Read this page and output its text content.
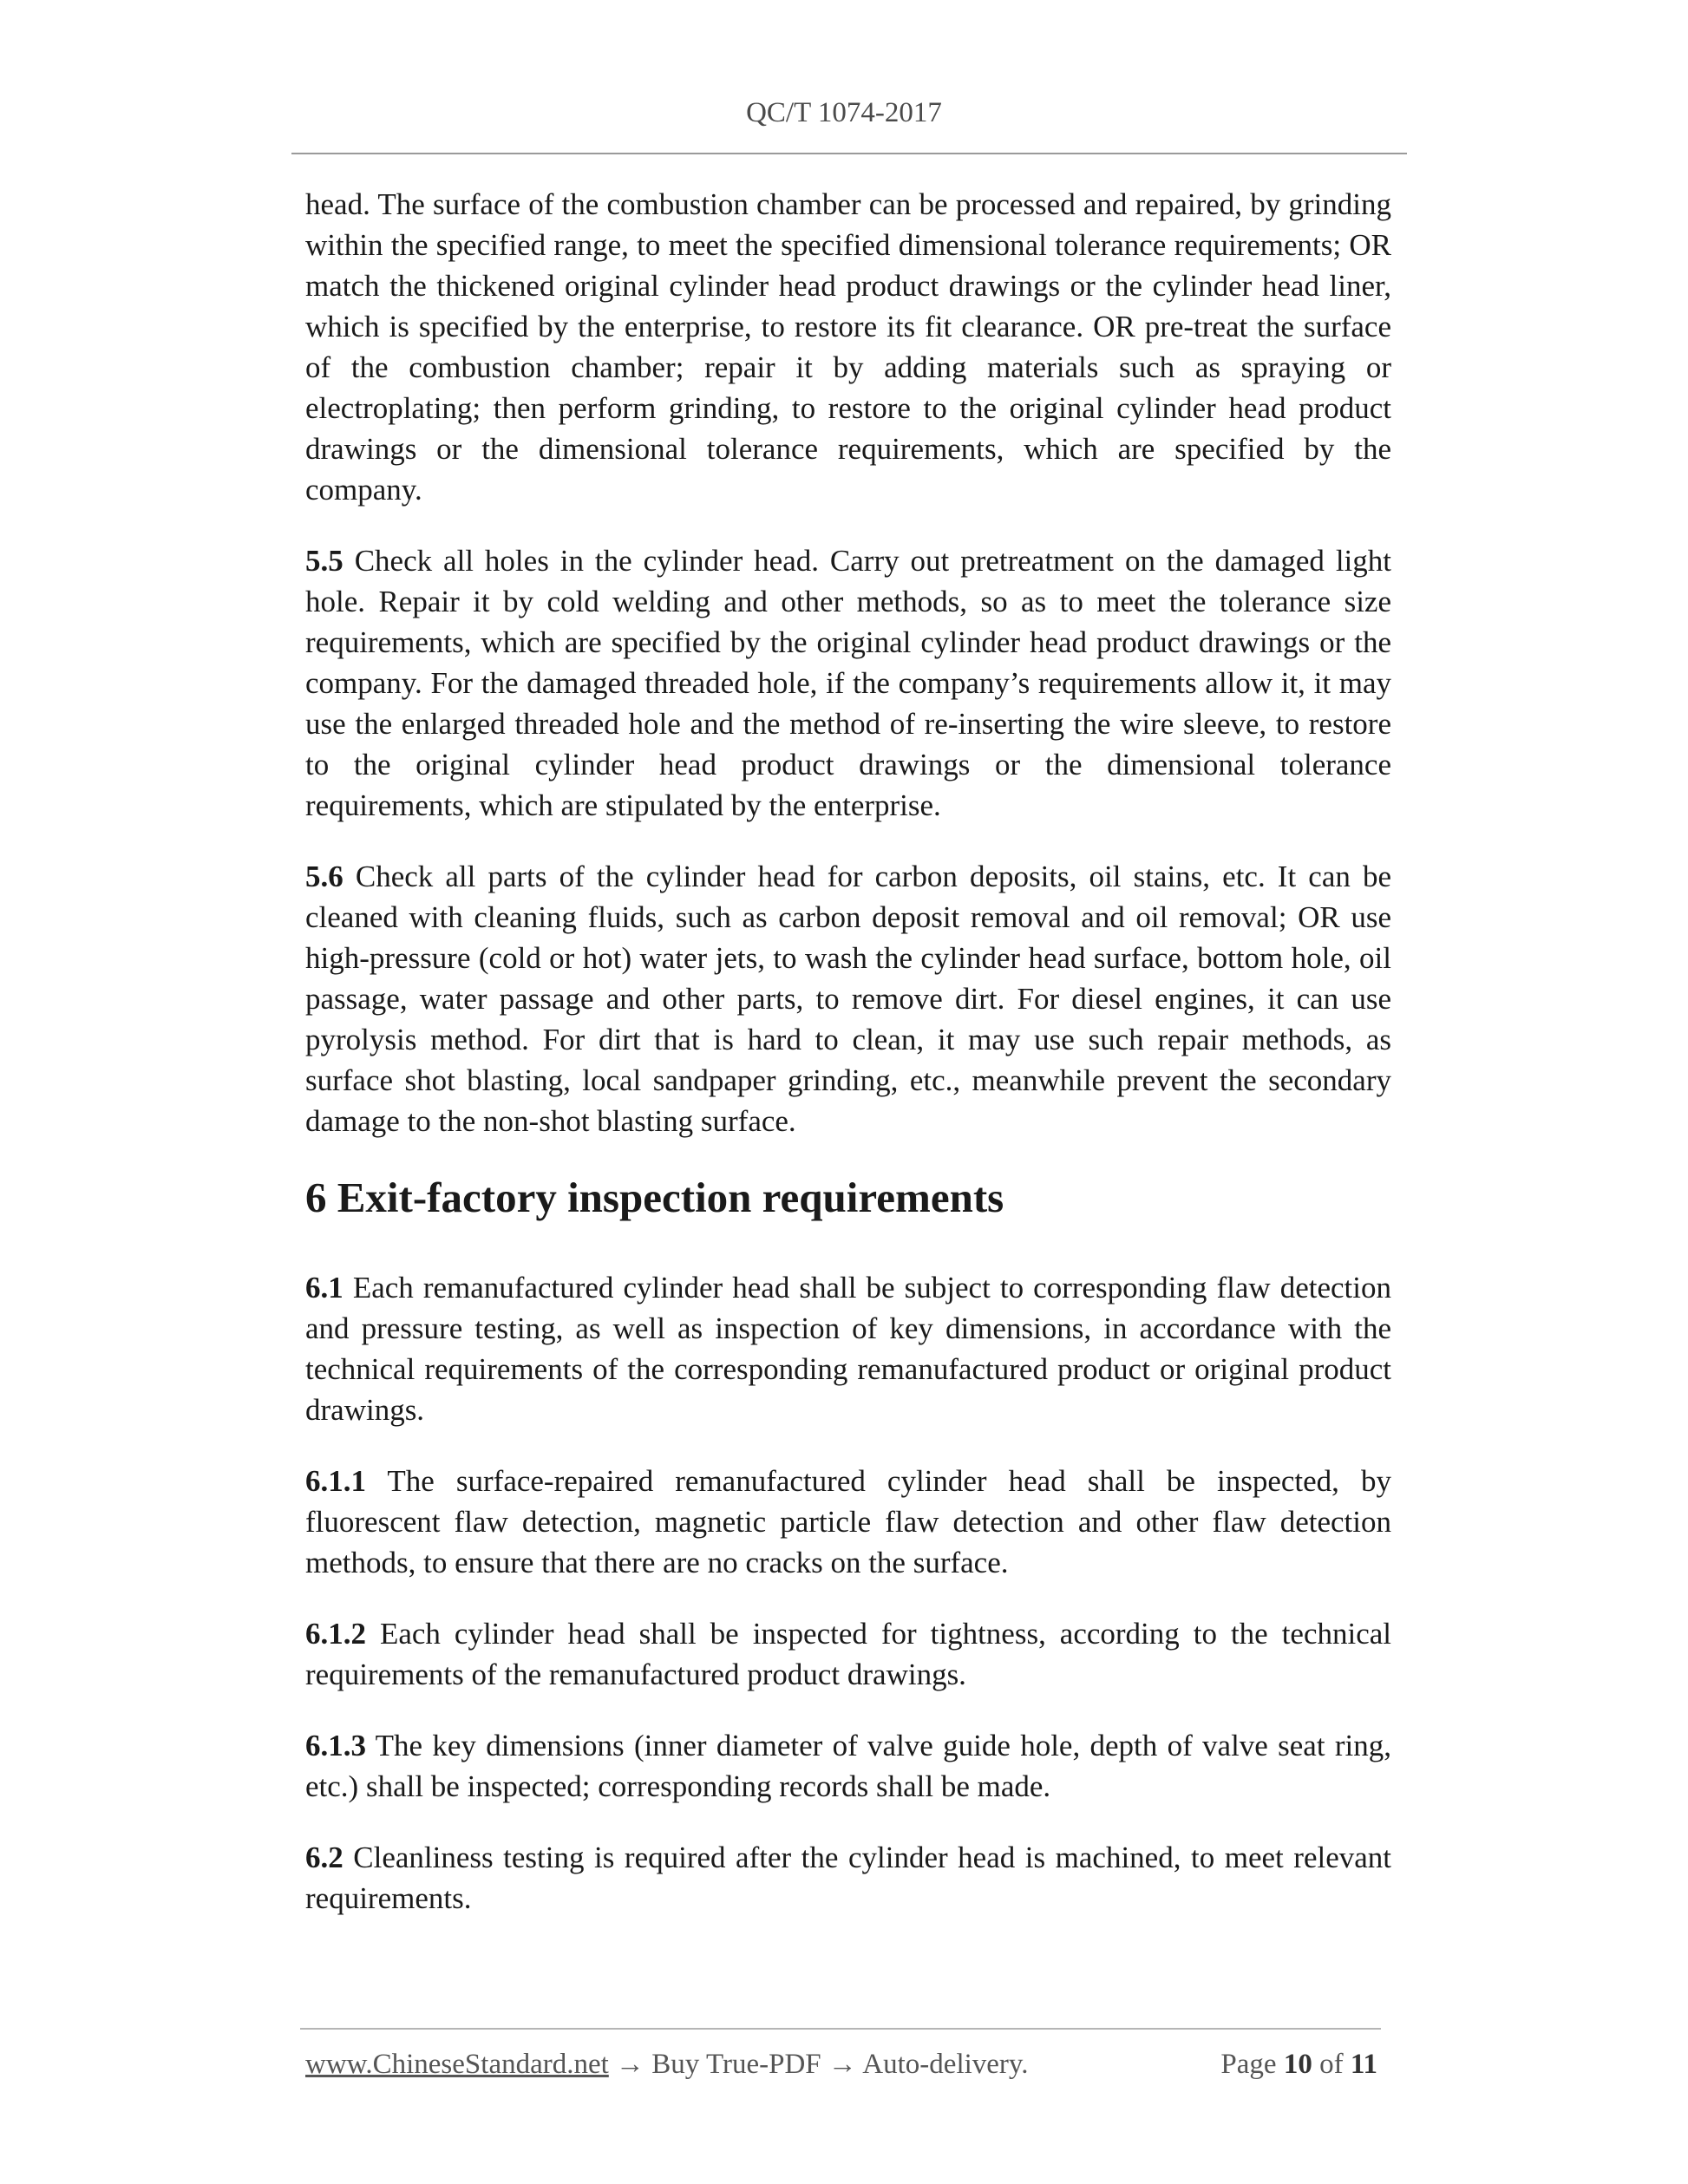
QC/T 1074-2017

head. The surface of the combustion chamber can be processed and repaired, by grinding within the specified range, to meet the specified dimensional tolerance requirements; OR match the thickened original cylinder head product drawings or the cylinder head liner, which is specified by the enterprise, to restore its fit clearance. OR pre-treat the surface of the combustion chamber; repair it by adding materials such as spraying or electroplating; then perform grinding, to restore to the original cylinder head product drawings or the dimensional tolerance requirements, which are specified by the company.

5.5 Check all holes in the cylinder head. Carry out pretreatment on the damaged light hole. Repair it by cold welding and other methods, so as to meet the tolerance size requirements, which are specified by the original cylinder head product drawings or the company. For the damaged threaded hole, if the company’s requirements allow it, it may use the enlarged threaded hole and the method of re-inserting the wire sleeve, to restore to the original cylinder head product drawings or the dimensional tolerance requirements, which are stipulated by the enterprise.

5.6 Check all parts of the cylinder head for carbon deposits, oil stains, etc. It can be cleaned with cleaning fluids, such as carbon deposit removal and oil removal; OR use high-pressure (cold or hot) water jets, to wash the cylinder head surface, bottom hole, oil passage, water passage and other parts, to remove dirt. For diesel engines, it can use pyrolysis method. For dirt that is hard to clean, it may use such repair methods, as surface shot blasting, local sandpaper grinding, etc., meanwhile prevent the secondary damage to the non-shot blasting surface.

6 Exit-factory inspection requirements

6.1 Each remanufactured cylinder head shall be subject to corresponding flaw detection and pressure testing, as well as inspection of key dimensions, in accordance with the technical requirements of the corresponding remanufactured product or original product drawings.

6.1.1 The surface-repaired remanufactured cylinder head shall be inspected, by fluorescent flaw detection, magnetic particle flaw detection and other flaw detection methods, to ensure that there are no cracks on the surface.

6.1.2 Each cylinder head shall be inspected for tightness, according to the technical requirements of the remanufactured product drawings.

6.1.3 The key dimensions (inner diameter of valve guide hole, depth of valve seat ring, etc.) shall be inspected; corresponding records shall be made.

6.2 Cleanliness testing is required after the cylinder head is machined, to meet relevant requirements.

www.ChineseStandard.net → Buy True-PDF → Auto-delivery.	Page 10 of 11
